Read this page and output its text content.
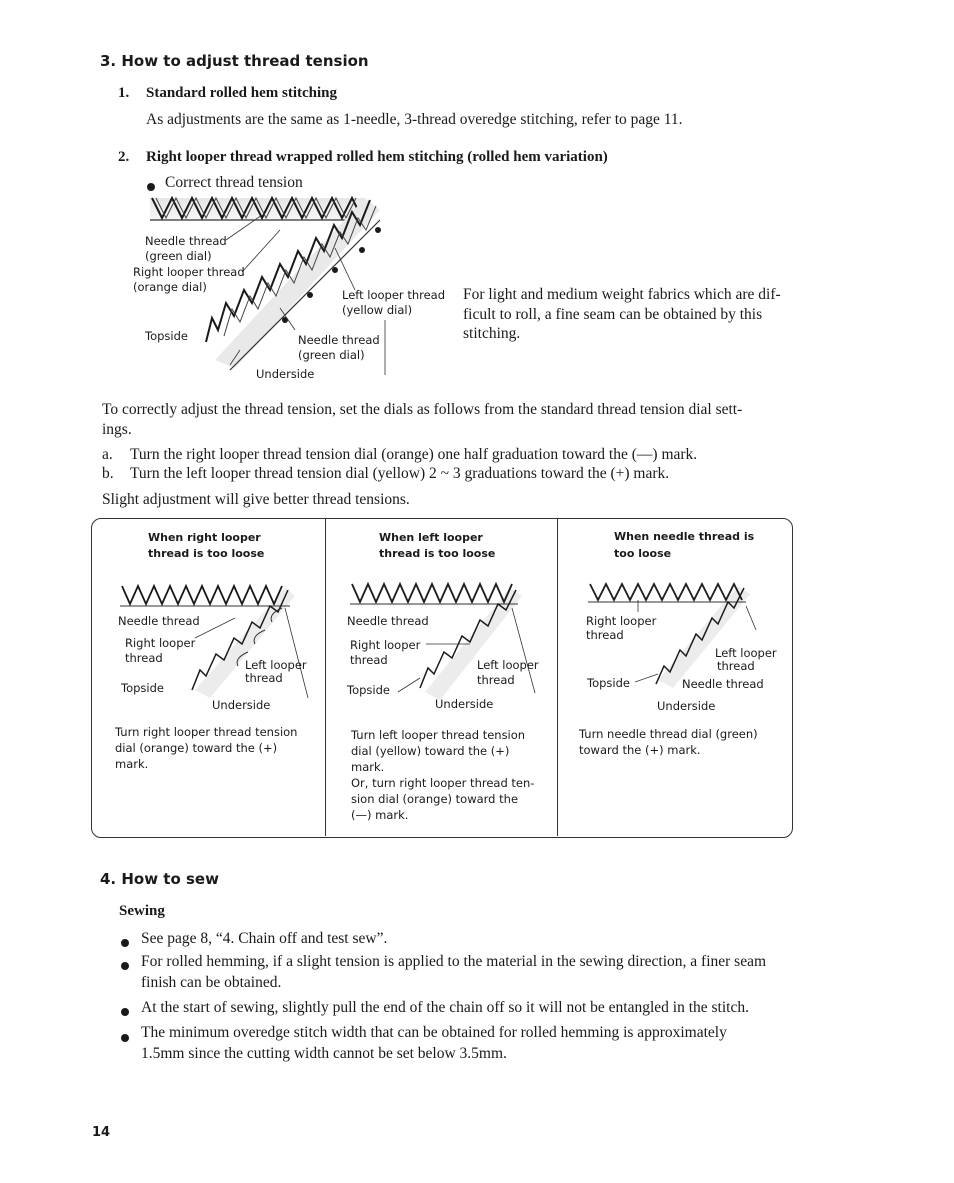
3. How to adjust thread tension
1. Standard rolled hem stitching
As adjustments are the same as 1-needle, 3-thread overedge stitching, refer to page 11.
2. Right looper thread wrapped rolled hem stitching (rolled hem variation)
Correct thread tension
Needle thread
(green dial)
Right looper thread
(orange dial)
Left looper thread
(yellow dial)
Topside	Needle thread
(green dial)
Underside
For light and medium weight fabrics which are dif-
ficult to roll, a fine seam can be obtained by this
stitching.
To correctly adjust the thread tension, set the dials as follows from the standard thread tension dial sett-
ings.
a. Turn the right looper thread tension dial (orange) one half graduation toward the (—) mark.
b. Turn the left looper thread tension dial (yellow) 2 ~ 3 graduations toward the (+) mark.
Slight adjustment will give better thread tensions.
When right looper
thread is too loose
Needle thread
Right looper
thread	Left looper
thread
Topside
Underside
Turn right looper thread tension
dial (orange) toward the (+)
mark.
When left looper
thread is too loose
Needle thread
Right looper
thread	Left looper
thread
Topside
Underside
Turn left looper thread tension
dial (yellow) toward the (+)
mark.
Or, turn right looper thread ten-
sion dial (orange) toward the
(—) mark.
When needle thread is
too loose
Right looper
thread
Left looper
thread
Topside	Needle thread
Underside
Turn needle thread dial (green)
toward the (+) mark.
4. How to sew
Sewing
See page 8, “4. Chain off and test sew”.
For rolled hemming, if a slight tension is applied to the material in the sewing direction, a finer seam
finish can be obtained.
At the start of sewing, slightly pull the end of the chain off so it will not be entangled in the stitch.
The minimum overedge stitch width that can be obtained for rolled hemming is approximately
1.5mm since the cutting width cannot be set below 3.5mm.
14
